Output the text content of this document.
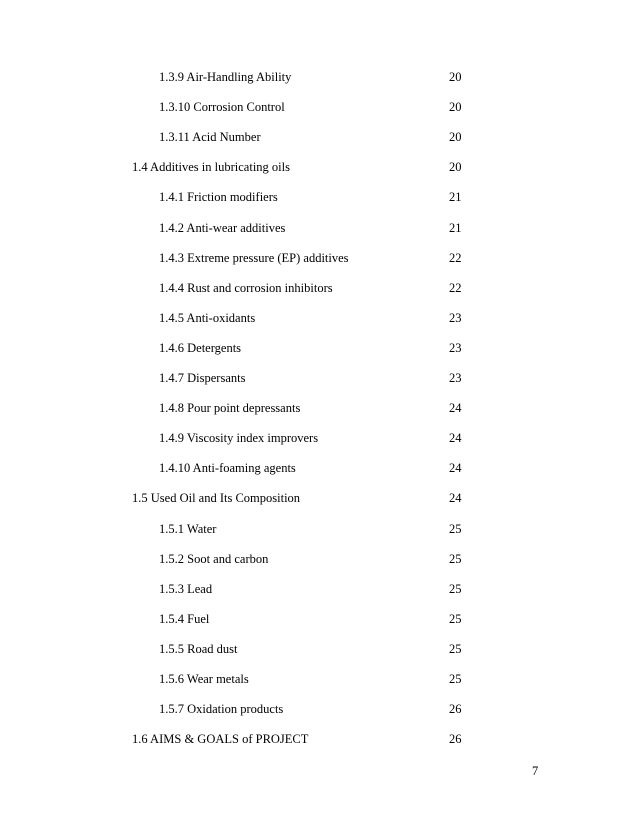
1.3.9 Air-Handling Ability	20
1.3.10 Corrosion Control	20
1.3.11 Acid Number	20
1.4 Additives in lubricating oils	20
1.4.1 Friction modifiers	21
1.4.2 Anti-wear additives	21
1.4.3 Extreme pressure (EP) additives	22
1.4.4 Rust and corrosion inhibitors	22
1.4.5 Anti-oxidants	23
1.4.6 Detergents	23
1.4.7 Dispersants	23
1.4.8 Pour point depressants	24
1.4.9 Viscosity index improvers	24
1.4.10 Anti-foaming agents	24
1.5 Used Oil and Its Composition	24
1.5.1 Water	25
1.5.2 Soot and carbon	25
1.5.3 Lead	25
1.5.4 Fuel	25
1.5.5 Road dust	25
1.5.6 Wear metals	25
1.5.7 Oxidation products	26
1.6 AIMS & GOALS of PROJECT	26
7
